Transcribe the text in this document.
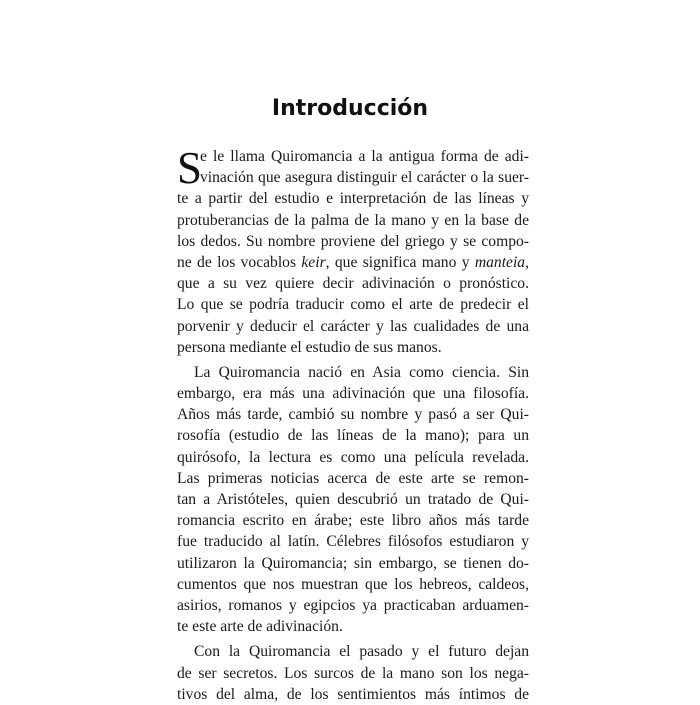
Introducción
S
e le llama Quiromancia a la antigua forma de adi-
vinación que asegura distinguir el carácter o la suer-
te a partir del estudio e interpretación de las líneas y
protuberancias de la palma de la mano y en la base de
los dedos. Su nombre proviene del griego y se compo-
ne de los vocablos keir, que significa mano y manteia,
que a su vez quiere decir adivinación o pronóstico.
Lo que se podría traducir como el arte de predecir el
porvenir y deducir el carácter y las cualidades de una
persona mediante el estudio de sus manos.
La Quiromancia nació en Asia como ciencia. Sin
embargo, era más una adivinación que una filosofía.
Años más tarde, cambió su nombre y pasó a ser Qui-
rosofía (estudio de las líneas de la mano); para un
quirósofo, la lectura es como una película revelada.
Las primeras noticias acerca de este arte se remon-
tan a Aristóteles, quien descubrió un tratado de Qui-
romancia escrito en árabe; este libro años más tarde
fue traducido al latín. Célebres filósofos estudiaron y
utilizaron la Quiromancia; sin embargo, se tienen do-
cumentos que nos muestran que los hebreos, caldeos,
asirios, romanos y egipcios ya practicaban arduamen-
te este arte de adivinación.
Con la Quiromancia el pasado y el futuro dejan
de ser secretos. Los surcos de la mano son los nega-
tivos del alma, de los sentimientos más íntimos de
